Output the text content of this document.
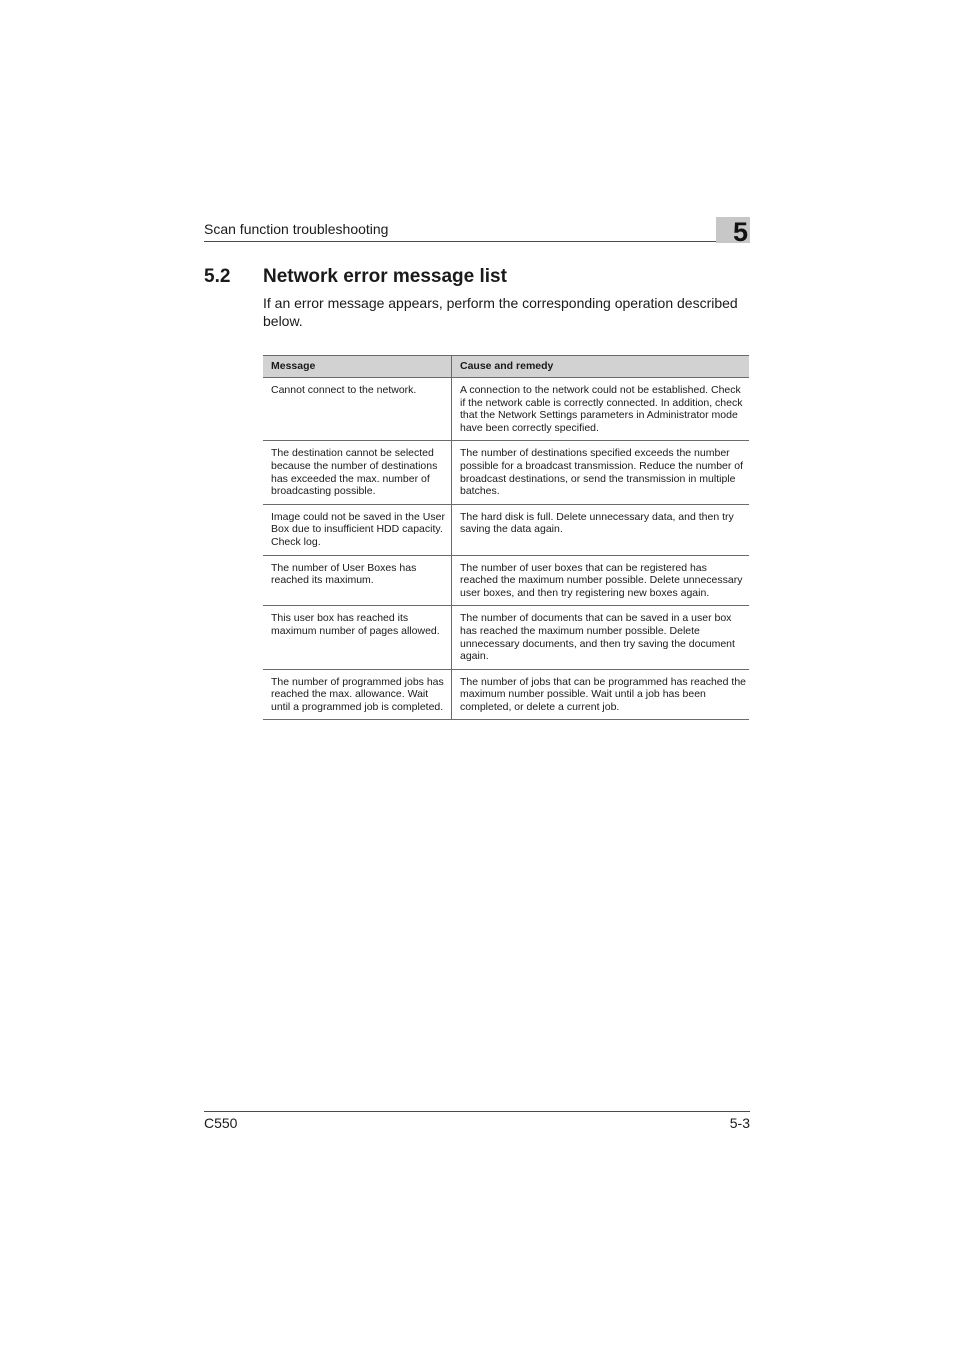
Scan function troubleshooting	5
5.2 Network error message list
If an error message appears, perform the corresponding operation described below.
Message	Cause and remedy
Cannot connect to the network.	A connection to the network could not be established. Check if the network cable is correctly connected. In addition, check that the Network Settings parameters in Administrator mode have been correctly specified.
The destination cannot be selected because the number of destinations has exceeded the max. number of broadcasting possible.	The number of destinations specified exceeds the number possible for a broadcast transmission. Reduce the number of broadcast destinations, or send the transmission in multiple batches.
Image could not be saved in the User Box due to insufficient HDD capacity. Check log.	The hard disk is full. Delete unnecessary data, and then try saving the data again.
The number of User Boxes has reached its maximum.	The number of user boxes that can be registered has reached the maximum number possible. Delete unnecessary user boxes, and then try registering new boxes again.
This user box has reached its maximum number of pages allowed.	The number of documents that can be saved in a user box has reached the maximum number possible. Delete unnecessary documents, and then try saving the document again.
The number of programmed jobs has reached the max. allowance. Wait until a programmed job is completed.	The number of jobs that can be programmed has reached the maximum number possible. Wait until a job has been completed, or delete a current job.
C550	5-3
